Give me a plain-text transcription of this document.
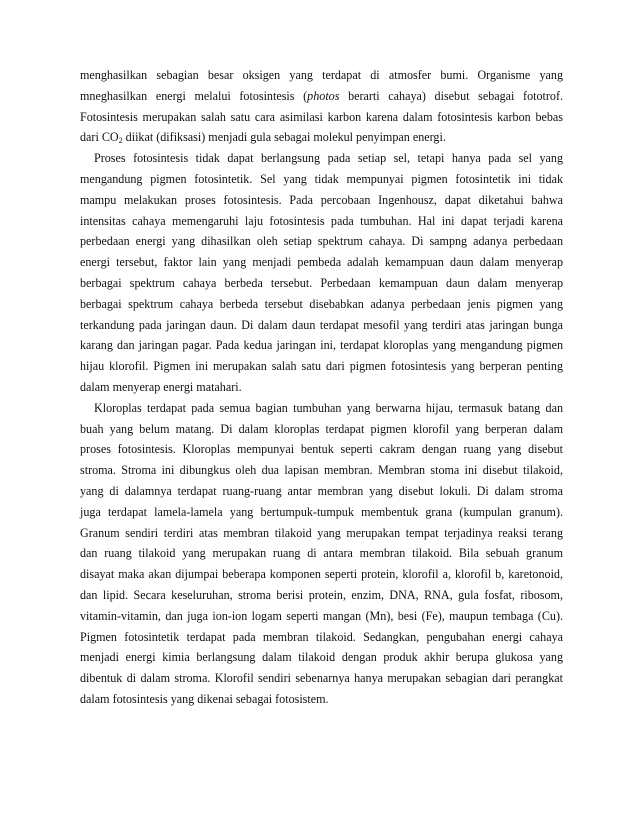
menghasilkan sebagian besar oksigen yang terdapat di atmosfer bumi. Organisme yang
mneghasilkan energi melalui fotosintesis (photos berarti cahaya) disebut sebagai fototrof.
Fotosintesis merupakan salah satu cara asimilasi karbon karena dalam fotosintesis karbon bebas
dari $CO_2$ diikat (difiksasi) menjadi gula sebagai molekul penyimpan energi.
Proses fotosintesis tidak dapat berlangsung pada setiap sel, tetapi hanya pada sel yang
mengandung pigmen fotosintetik. Sel yang tidak mempunyai pigmen fotosintetik ini tidak
mampu melakukan proses fotosintesis. Pada percobaan Ingenhousz, dapat diketahui bahwa
intensitas cahaya memengaruhi laju fotosintesis pada tumbuhan. Hal ini dapat terjadi karena
perbedaan energi yang dihasilkan oleh setiap spektrum cahaya. Di sampng adanya perbedaan
energi tersebut, faktor lain yang menjadi pembeda adalah kemampuan daun dalam menyerap
berbagai spektrum cahaya berbeda tersebut. Perbedaan kemampuan daun dalam menyerap
berbagai spektrum cahaya berbeda tersebut disebabkan adanya perbedaan jenis pigmen yang
terkandung pada jaringan daun. Di dalam daun terdapat mesofil yang terdiri atas jaringan bunga
karang dan jaringan pagar. Pada kedua jaringan ini, terdapat kloroplas yang mengandung pigmen
hijau klorofil. Pigmen ini merupakan salah satu dari pigmen fotosintesis yang berperan penting
dalam menyerap energi matahari.
Kloroplas terdapat pada semua bagian tumbuhan yang berwarna hijau, termasuk batang dan
buah yang belum matang. Di dalam kloroplas terdapat pigmen klorofil yang berperan dalam
proses fotosintesis. Kloroplas mempunyai bentuk seperti cakram dengan ruang yang disebut
stroma. Stroma ini dibungkus oleh dua lapisan membran. Membran stoma ini disebut tilakoid,
yang di dalamnya terdapat ruang-ruang antar membran yang disebut lokuli. Di dalam stroma
juga terdapat lamela-lamela yang bertumpuk-tumpuk membentuk grana (kumpulan granum).
Granum sendiri terdiri atas membran tilakoid yang merupakan tempat terjadinya reaksi terang
dan ruang tilakoid yang merupakan ruang di antara membran tilakoid. Bila sebuah granum
disayat maka akan dijumpai beberapa komponen seperti protein, klorofil a, klorofil b, karetonoid,
dan lipid. Secara keseluruhan, stroma berisi protein, enzim, DNA, RNA, gula fosfat, ribosom,
vitamin-vitamin, dan juga ion-ion logam seperti mangan (Mn), besi (Fe), maupun tembaga (Cu).
Pigmen fotosintetik terdapat pada membran tilakoid. Sedangkan, pengubahan energi cahaya
menjadi energi kimia berlangsung dalam tilakoid dengan produk akhir berupa glukosa yang
dibentuk di dalam stroma. Klorofil sendiri sebenarnya hanya merupakan sebagian dari perangkat
dalam fotosintesis yang dikenai sebagai fotosistem.
